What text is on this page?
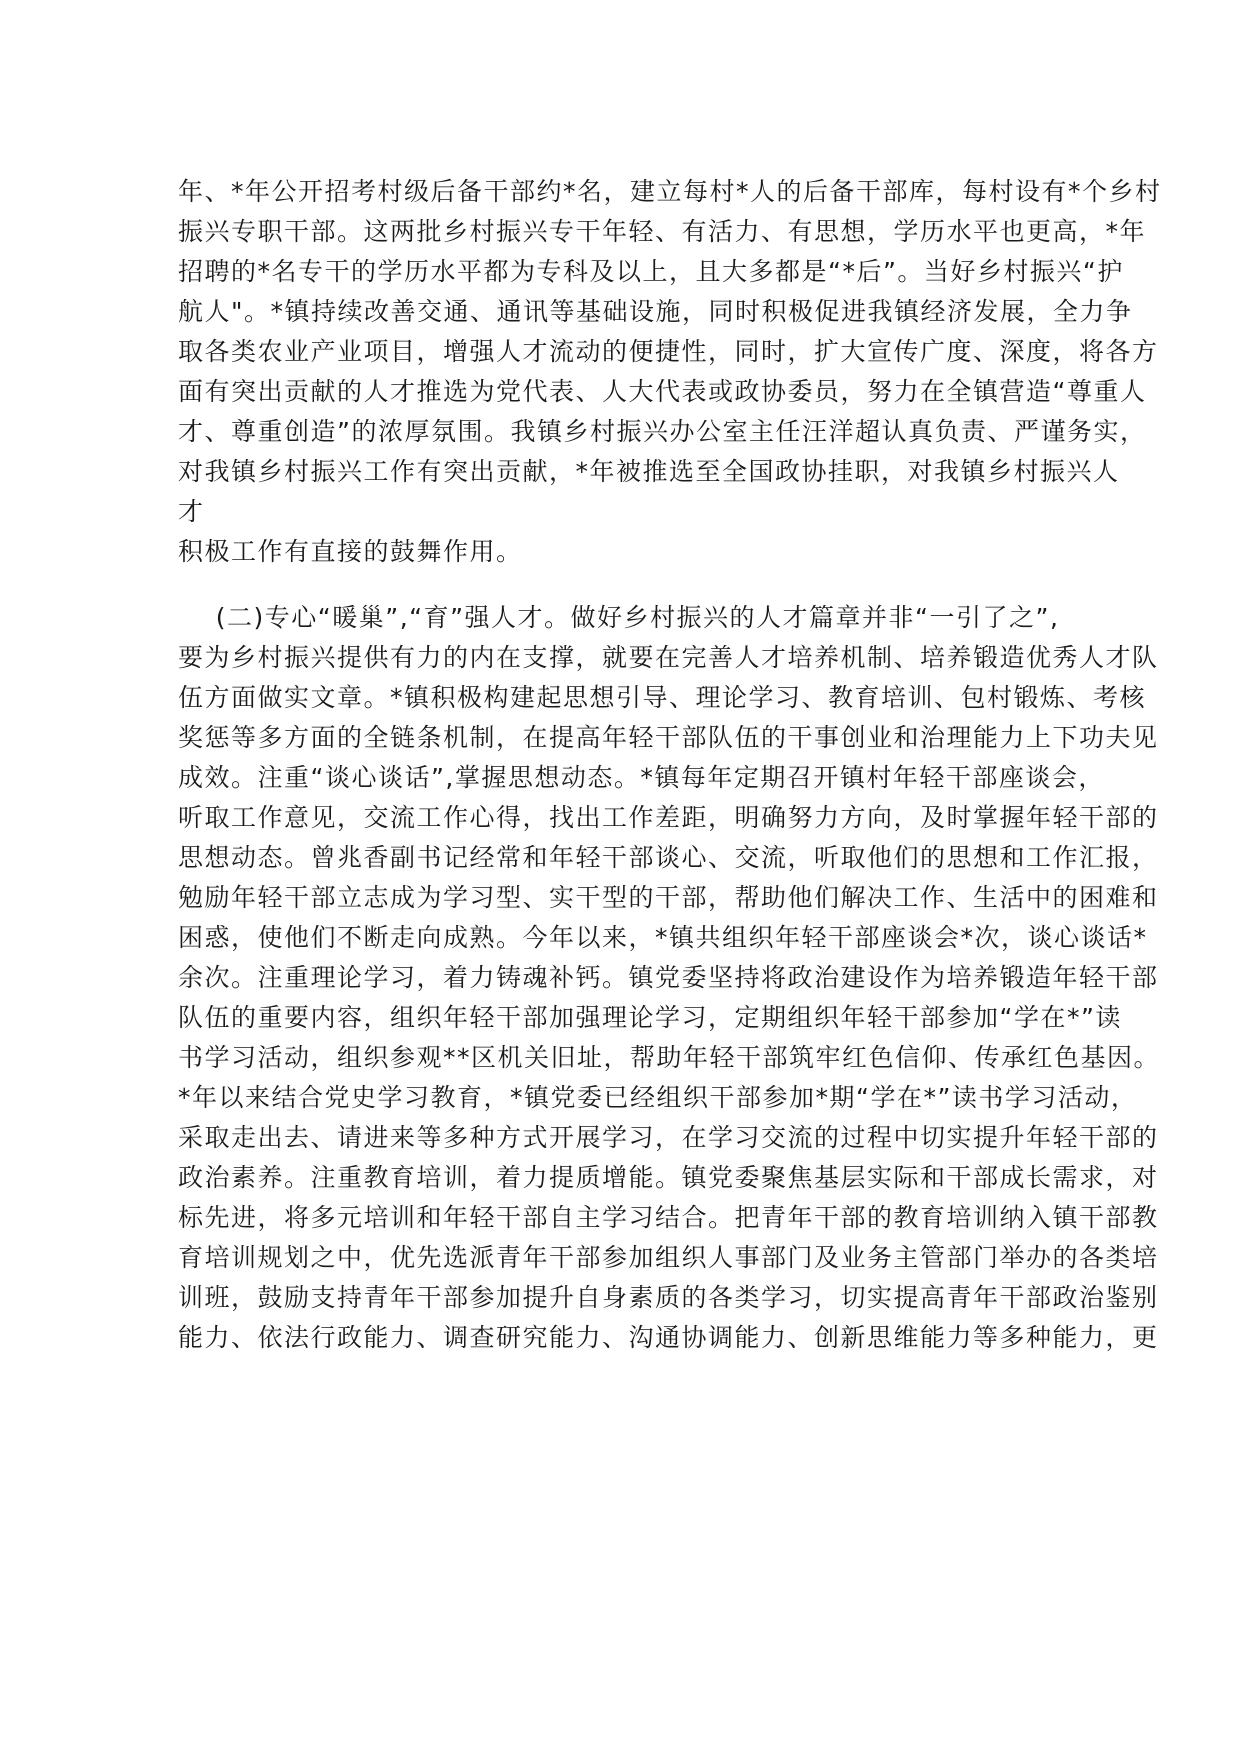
年、*年公开招考村级后备干部约*名，建立每村*人的后备干部库，每村设有*个乡村
振兴专职干部。这两批乡村振兴专干年轻、有活力、有思想，学历水平也更高，*年
招聘的*名专干的学历水平都为专科及以上，且大多都是“*后”。当好乡村振兴“护
航人"。*镇持续改善交通、通讯等基础设施，同时积极促进我镇经济发展，全力争
取各类农业产业项目，增强人才流动的便捷性，同时，扩大宣传广度、深度，将各方
面有突出贡献的人才推选为党代表、人大代表或政协委员，努力在全镇营造“尊重人
才、尊重创造”的浓厚氛围。我镇乡村振兴办公室主任汪洋超认真负责、严谨务实，
对我镇乡村振兴工作有突出贡献，*年被推选至全国政协挂职，对我镇乡村振兴人
才
积极工作有直接的鼓舞作用。
(二)专心“暖巢”,“育”强人才。做好乡村振兴的人才篇章并非“一引了之”,
要为乡村振兴提供有力的内在支撑，就要在完善人才培养机制、培养锻造优秀人才队
伍方面做实文章。*镇积极构建起思想引导、理论学习、教育培训、包村锻炼、考核
奖惩等多方面的全链条机制，在提高年轻干部队伍的干事创业和治理能力上下功夫见
成效。注重“谈心谈话”,掌握思想动态。*镇每年定期召开镇村年轻干部座谈会，
听取工作意见，交流工作心得，找出工作差距，明确努力方向，及时掌握年轻干部的
思想动态。曾兆香副书记经常和年轻干部谈心、交流，听取他们的思想和工作汇报，
勉励年轻干部立志成为学习型、实干型的干部，帮助他们解决工作、生活中的困难和
困惑，使他们不断走向成熟。今年以来，*镇共组织年轻干部座谈会*次，谈心谈话*
余次。注重理论学习，着力铸魂补钙。镇党委坚持将政治建设作为培养锻造年轻干部
队伍的重要内容，组织年轻干部加强理论学习，定期组织年轻干部参加“学在*”读
书学习活动，组织参观**区机关旧址，帮助年轻干部筑牢红色信仰、传承红色基因。
*年以来结合党史学习教育，*镇党委已经组织干部参加*期“学在*”读书学习活动，
采取走出去、请进来等多种方式开展学习，在学习交流的过程中切实提升年轻干部的
政治素养。注重教育培训，着力提质增能。镇党委聚焦基层实际和干部成长需求，对
标先进，将多元培训和年轻干部自主学习结合。把青年干部的教育培训纳入镇干部教
育培训规划之中，优先选派青年干部参加组织人事部门及业务主管部门举办的各类培
训班，鼓励支持青年干部参加提升自身素质的各类学习，切实提高青年干部政治鉴别
能力、依法行政能力、调查研究能力、沟通协调能力、创新思维能力等多种能力，更
